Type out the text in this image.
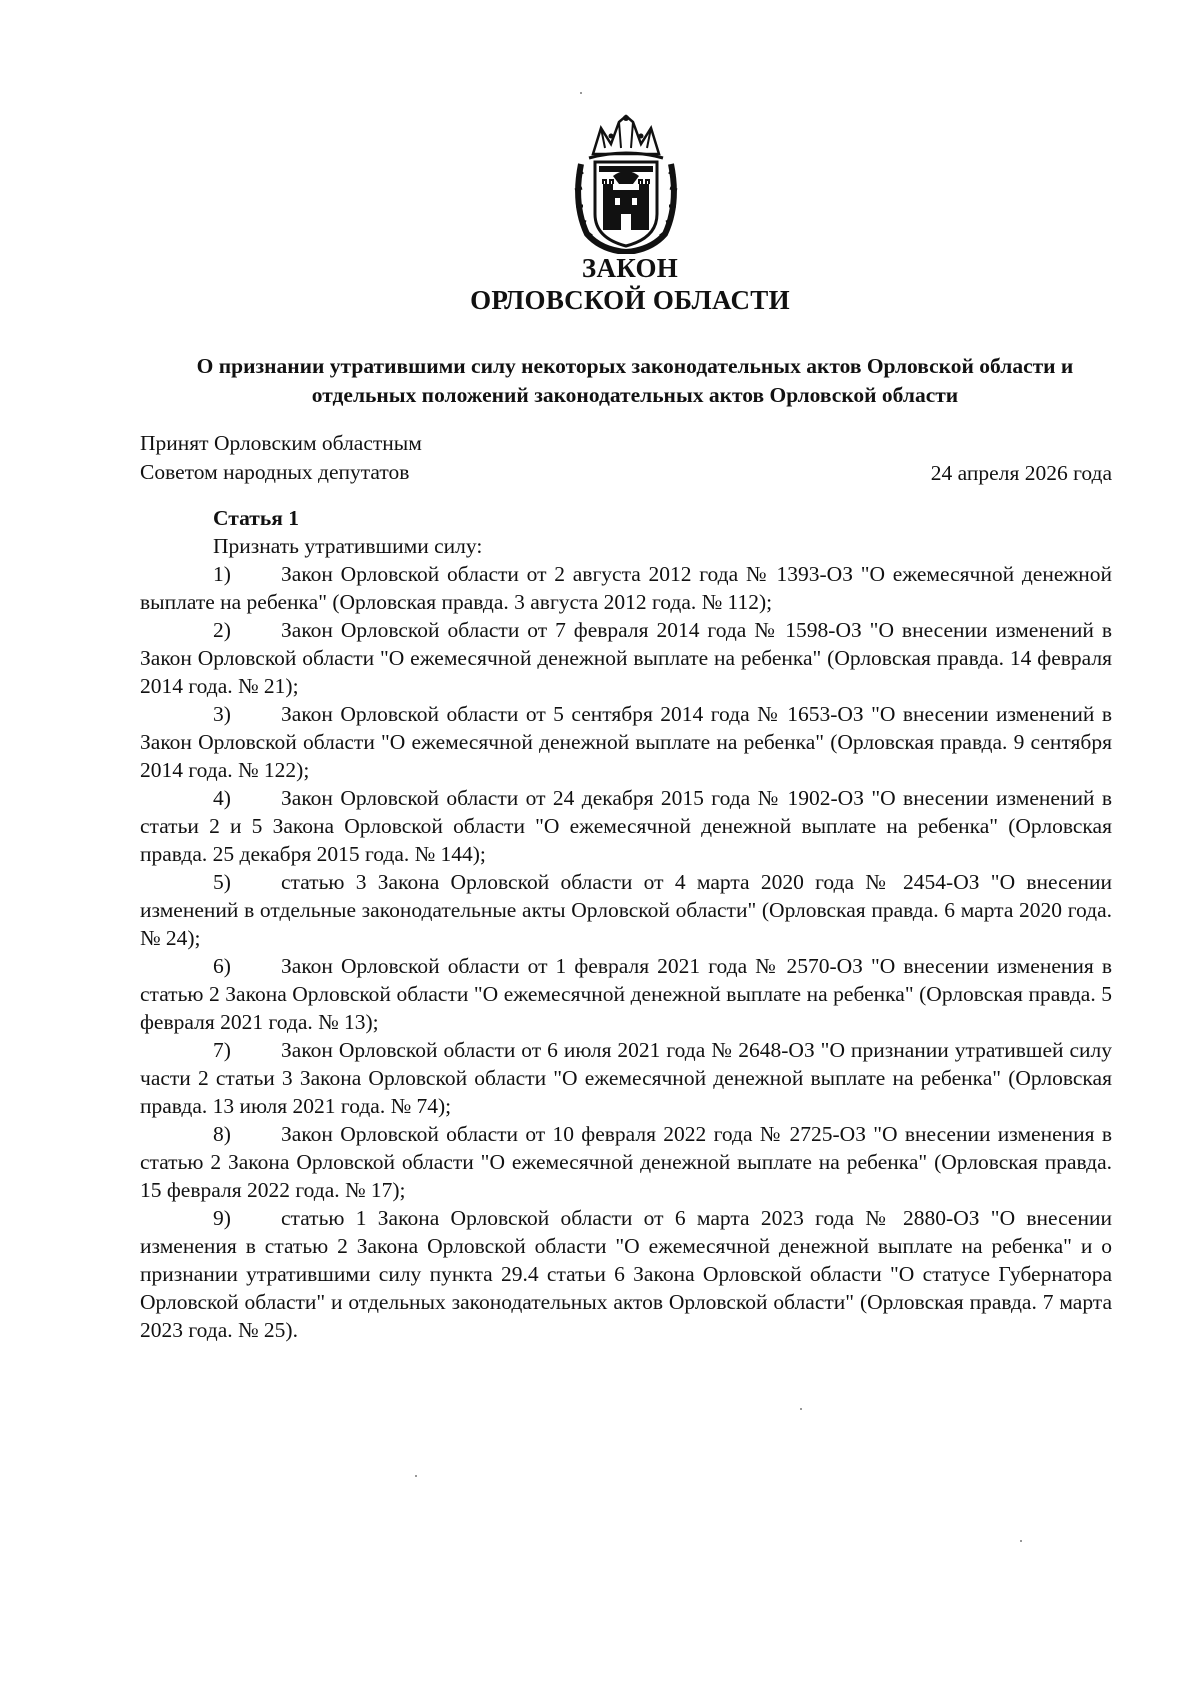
ЗАКОН
ОРЛОВСКОЙ ОБЛАСТИ
О признании утратившими силу некоторых законодательных актов Орловской области и отдельных положений законодательных актов Орловской области
Принят Орловским областным
Советом народных депутатов	24 апреля 2026 года
Статья 1

Признать утратившими силу:

1) Закон Орловской области от 2 августа 2012 года № 1393-ОЗ "О ежемесячной денежной выплате на ребенка" (Орловская правда. 3 августа 2012 года. № 112);

2) Закон Орловской области от 7 февраля 2014 года № 1598-ОЗ "О внесении изменений в Закон Орловской области "О ежемесячной денежной выплате на ребенка" (Орловская правда. 14 февраля 2014 года. № 21);

3) Закон Орловской области от 5 сентября 2014 года № 1653-ОЗ "О внесении изменений в Закон Орловской области "О ежемесячной денежной выплате на ребенка" (Орловская правда. 9 сентября 2014 года. № 122);

4) Закон Орловской области от 24 декабря 2015 года № 1902-ОЗ "О внесении изменений в статьи 2 и 5 Закона Орловской области "О ежемесячной денежной выплате на ребенка" (Орловская правда. 25 декабря 2015 года. № 144);

5) статью 3 Закона Орловской области от 4 марта 2020 года № 2454-ОЗ "О внесении изменений в отдельные законодательные акты Орловской области" (Орловская правда. 6 марта 2020 года. № 24);

6) Закон Орловской области от 1 февраля 2021 года № 2570-ОЗ "О внесении изменения в статью 2 Закона Орловской области "О ежемесячной денежной выплате на ребенка" (Орловская правда. 5 февраля 2021 года. № 13);

7) Закон Орловской области от 6 июля 2021 года № 2648-ОЗ "О признании утратившей силу части 2 статьи 3 Закона Орловской области "О ежемесячной денежной выплате на ребенка" (Орловская правда. 13 июля 2021 года. № 74);

8) Закон Орловской области от 10 февраля 2022 года № 2725-ОЗ "О внесении изменения в статью 2 Закона Орловской области "О ежемесячной денежной выплате на ребенка" (Орловская правда. 15 февраля 2022 года. № 17);

9) статью 1 Закона Орловской области от 6 марта 2023 года № 2880-ОЗ "О внесении изменения в статью 2 Закона Орловской области "О ежемесячной денежной выплате на ребенка" и о признании утратившими силу пункта 29.4 статьи 6 Закона Орловской области "О статусе Губернатора Орловской области" и отдельных законодательных актов Орловской области" (Орловская правда. 7 марта 2023 года. № 25).
